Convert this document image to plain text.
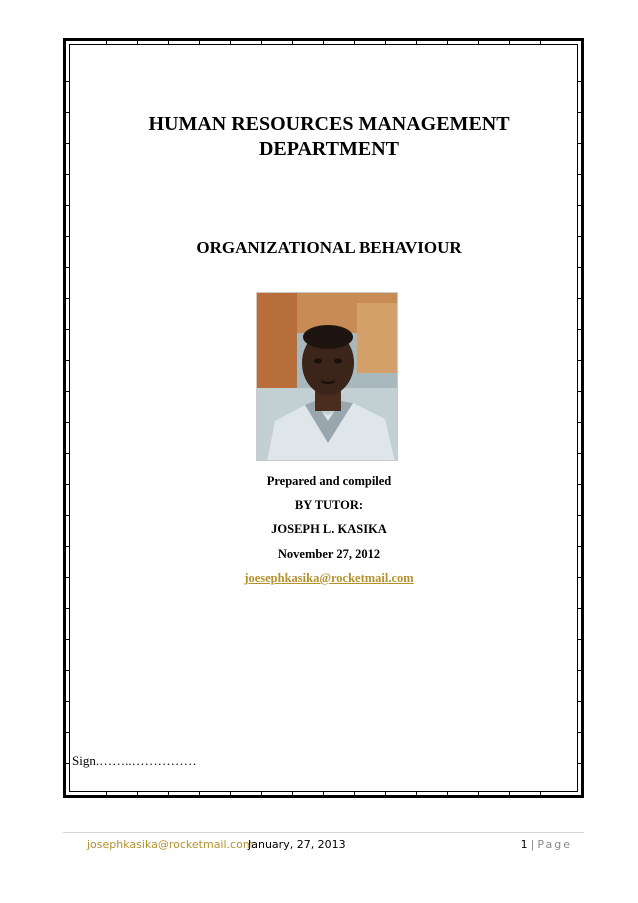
HUMAN RESOURCES MANAGEMENT
DEPARTMENT
ORGANIZATIONAL BEHAVIOUR

Prepared and compiled

BY TUTOR:

JOSEPH L. KASIKA

November 27, 2012

joesephkasika@rocketmail.com

Sign.……..……………

josephkasika@rocketmail.com
January, 27, 2013	1 | Page
